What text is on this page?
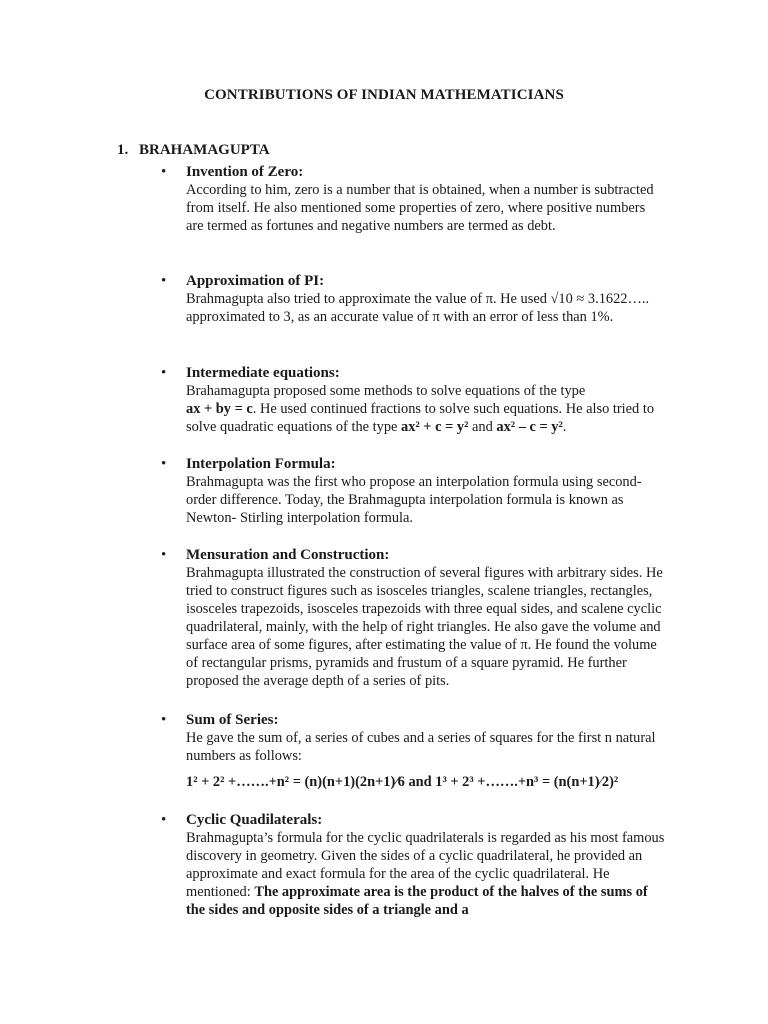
CONTRIBUTIONS OF INDIAN MATHEMATICIANS
1. BRAHAMAGUPTA
• Invention of Zero:
According to him, zero is a number that is obtained, when a number is subtracted from itself. He also mentioned some properties of zero, where positive numbers are termed as fortunes and negative numbers are termed as debt.
• Approximation of PI:
Brahmagupta also tried to approximate the value of π. He used √10 ≈ 3.1622….. approximated to 3, as an accurate value of π with an error of less than 1%.
• Intermediate equations:
Brahamagupta proposed some methods to solve equations of the type
ax + by = c. He used continued fractions to solve such equations. He also tried to solve quadratic equations of the type ax² + c = y² and ax² – c = y².
• Interpolation Formula:
Brahmagupta was the first who propose an interpolation formula using second-order difference. Today, the Brahmagupta interpolation formula is known as Newton- Stirling interpolation formula.
• Mensuration and Construction:
Brahmagupta illustrated the construction of several figures with arbitrary sides. He tried to construct figures such as isosceles triangles, scalene triangles, rectangles, isosceles trapezoids, isosceles trapezoids with three equal sides, and scalene cyclic quadrilateral, mainly, with the help of right triangles. He also gave the volume and surface area of some figures, after estimating the value of π. He found the volume of rectangular prisms, pyramids and frustum of a square pyramid. He further proposed the average depth of a series of pits.
• Sum of Series:
He gave the sum of, a series of cubes and a series of squares for the first n natural numbers as follows:
1² + 2² +…….+n² = (n)(n+1)(2n+1)⁄6 and 1³ + 2³ +…….+n³ = (n(n+1)⁄2)²
• Cyclic Quadilaterals:
Brahmagupta’s formula for the cyclic quadrilaterals is regarded as his most famous discovery in geometry. Given the sides of a cyclic quadrilateral, he provided an approximate and exact formula for the area of the cyclic quadrilateral. He mentioned: The approximate area is the product of the halves of the sums of the sides and opposite sides of a triangle and a
